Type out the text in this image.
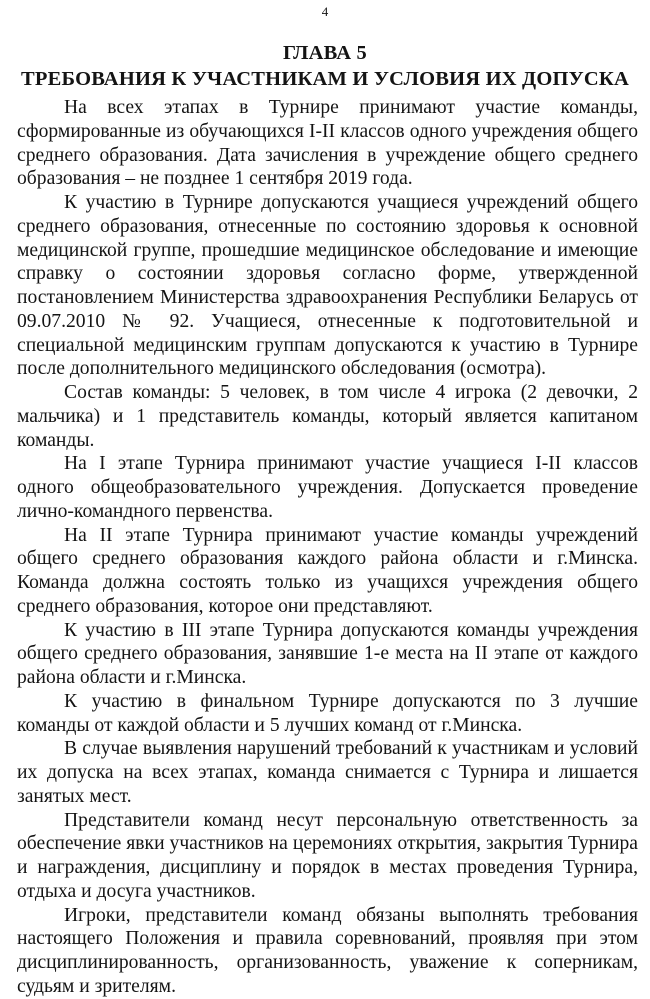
4
ГЛАВА 5
ТРЕБОВАНИЯ К УЧАСТНИКАМ И УСЛОВИЯ ИХ ДОПУСКА

На всех этапах в Турнире принимают участие команды, сформированные из обучающихся I-II классов одного учреждения общего среднего образования. Дата зачисления в учреждение общего среднего образования – не позднее 1 сентября 2019 года.

К участию в Турнире допускаются учащиеся учреждений общего среднего образования, отнесенные по состоянию здоровья к основной медицинской группе, прошедшие медицинское обследование и имеющие справку о состоянии здоровья согласно форме, утвержденной постановлением Министерства здравоохранения Республики Беларусь от 09.07.2010 № 92. Учащиеся, отнесенные к подготовительной и специальной медицинским группам допускаются к участию в Турнире после дополнительного медицинского обследования (осмотра).

Состав команды: 5 человек, в том числе 4 игрока (2 девочки, 2 мальчика) и 1 представитель команды, который является капитаном команды.

На I этапе Турнира принимают участие учащиеся I-II классов одного общеобразовательного учреждения. Допускается проведение лично-командного первенства.

На II этапе Турнира принимают участие команды учреждений общего среднего образования каждого района области и г.Минска. Команда должна состоять только из учащихся учреждения общего среднего образования, которое они представляют.

К участию в III этапе Турнира допускаются команды учреждения общего среднего образования, занявшие 1-е места на II этапе от каждого района области и г.Минска.

К участию в финальном Турнире допускаются по 3 лучшие команды от каждой области и 5 лучших команд от г.Минска.

В случае выявления нарушений требований к участникам и условий их допуска на всех этапах, команда снимается с Турнира и лишается занятых мест.

Представители команд несут персональную ответственность за обеспечение явки участников на церемониях открытия, закрытия Турнира и награждения, дисциплину и порядок в местах проведения Турнира, отдыха и досуга участников.

Игроки, представители команд обязаны выполнять требования настоящего Положения и правила соревнований, проявляя при этом дисциплинированность, организованность, уважение к соперникам, судьям и зрителям.
